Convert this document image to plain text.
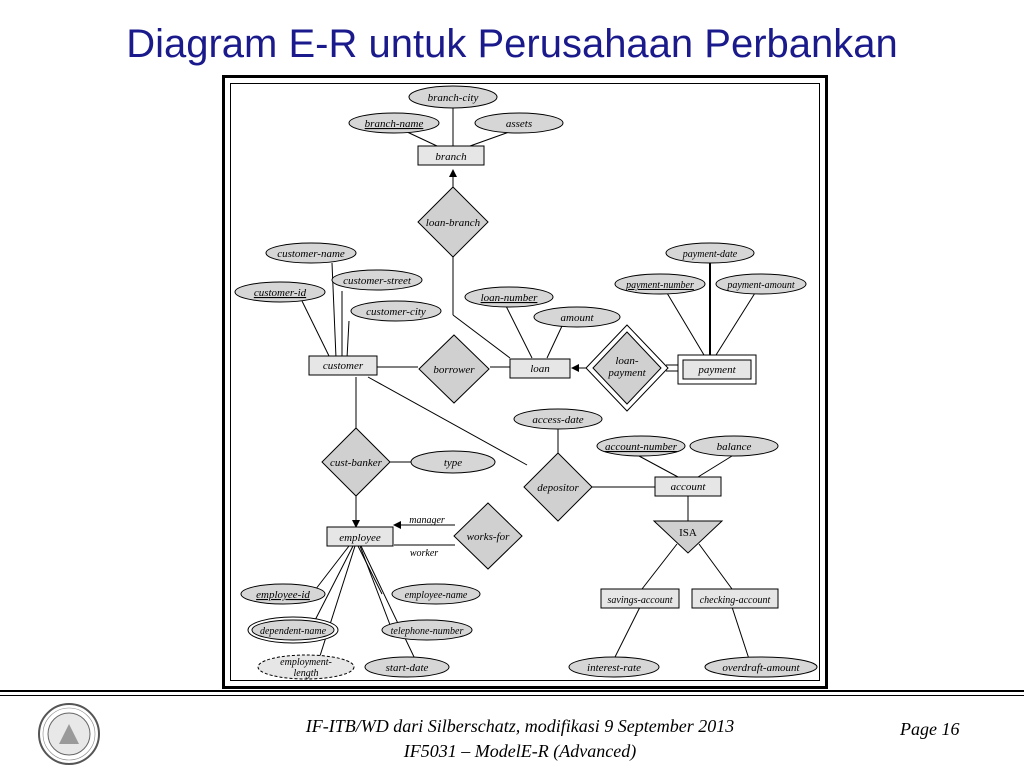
Diagram E-R untuk Perusahaan Perbankan
branch
customer	loan	payment
account
employee
savings-account	checking-account
loan-branch
borrower
loan-
payment
cust-banker
depositor
works-for	ISA
branch-city
branch-name	assets
customer-name
customer-street
customer-id
customer-city
loan-number
amount
payment-date
payment-number	payment-amount
access-date
account-number	balance
type
employee-id	employee-name
dependent-name	telephone-number
employment-
length	start-date	interest-rate	overdraft-amount
manager
worker
IF-ITB/WD dari Silberschatz, modifikasi 9 September 2013
IF5031 – ModelE-R (Advanced)
Page 16
